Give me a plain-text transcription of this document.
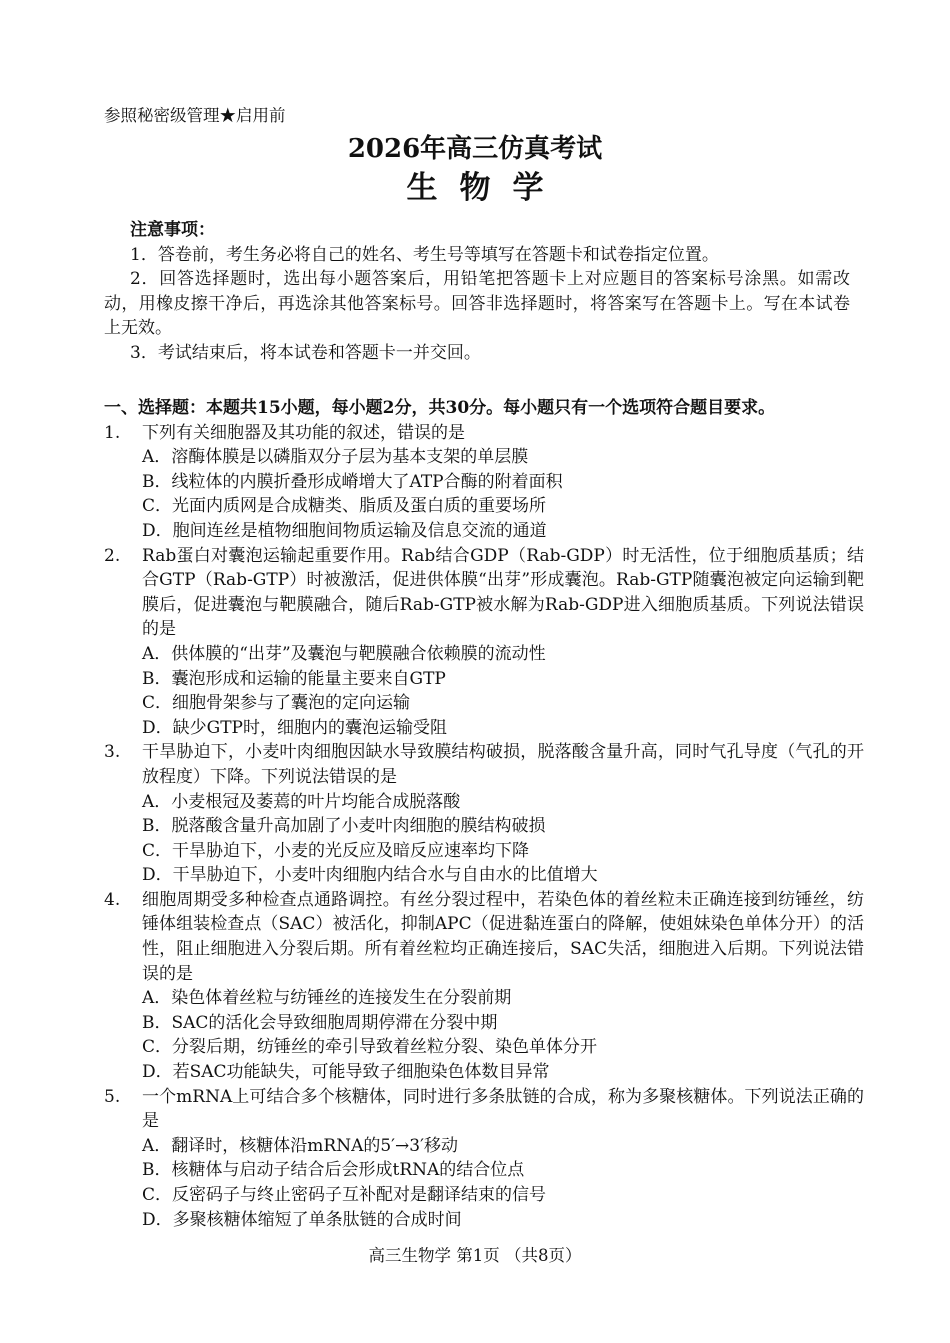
参照秘密级管理★启用前
2026年高三仿真考试
生 物 学
注意事项：
1．答卷前，考生务必将自己的姓名、考生号等填写在答题卡和试卷指定位置。
2．回答选择题时，选出每小题答案后，用铅笔把答题卡上对应题目的答案标号涂黑。如需改动，用橡皮擦干净后，再选涂其他答案标号。回答非选择题时，将答案写在答题卡上。写在本试卷上无效。
3．考试结束后，将本试卷和答题卡一并交回。
一、选择题：本题共15小题，每小题2分，共30分。每小题只有一个选项符合题目要求。
1. 下列有关细胞器及其功能的叙述，错误的是
A．溶酶体膜是以磷脂双分子层为基本支架的单层膜
B．线粒体的内膜折叠形成嵴增大了ATP合酶的附着面积
C．光面内质网是合成糖类、脂质及蛋白质的重要场所
D．胞间连丝是植物细胞间物质运输及信息交流的通道
2. Rab蛋白对囊泡运输起重要作用。Rab结合GDP（Rab-GDP）时无活性，位于细胞质基质；结合GTP（Rab-GTP）时被激活，促进供体膜“出芽”形成囊泡。Rab-GTP随囊泡被定向运输到靶膜后，促进囊泡与靶膜融合，随后Rab-GTP被水解为Rab-GDP进入细胞质基质。下列说法错误的是
A．供体膜的“出芽”及囊泡与靶膜融合依赖膜的流动性
B．囊泡形成和运输的能量主要来自GTP
C．细胞骨架参与了囊泡的定向运输
D．缺少GTP时，细胞内的囊泡运输受阻
3. 干旱胁迫下，小麦叶肉细胞因缺水导致膜结构破损，脱落酸含量升高，同时气孔导度（气孔的开放程度）下降。下列说法错误的是
A．小麦根冠及萎蔫的叶片均能合成脱落酸
B．脱落酸含量升高加剧了小麦叶肉细胞的膜结构破损
C．干旱胁迫下，小麦的光反应及暗反应速率均下降
D．干旱胁迫下，小麦叶肉细胞内结合水与自由水的比值增大
4. 细胞周期受多种检查点通路调控。有丝分裂过程中，若染色体的着丝粒未正确连接到纺锤丝，纺锤体组装检查点（SAC）被活化，抑制APC（促进黏连蛋白的降解，使姐妹染色单体分开）的活性，阻止细胞进入分裂后期。所有着丝粒均正确连接后，SAC失活，细胞进入后期。下列说法错误的是
A．染色体着丝粒与纺锤丝的连接发生在分裂前期
B．SAC的活化会导致细胞周期停滞在分裂中期
C．分裂后期，纺锤丝的牵引导致着丝粒分裂、染色单体分开
D．若SAC功能缺失，可能导致子细胞染色体数目异常
5. 一个mRNA上可结合多个核糖体，同时进行多条肽链的合成，称为多聚核糖体。下列说法正确的是
A．翻译时，核糖体沿mRNA的5′→3′移动
B．核糖体与启动子结合后会形成tRNA的结合位点
C．反密码子与终止密码子互补配对是翻译结束的信号
D．多聚核糖体缩短了单条肽链的合成时间
高三生物学 第1页 （共8页）
